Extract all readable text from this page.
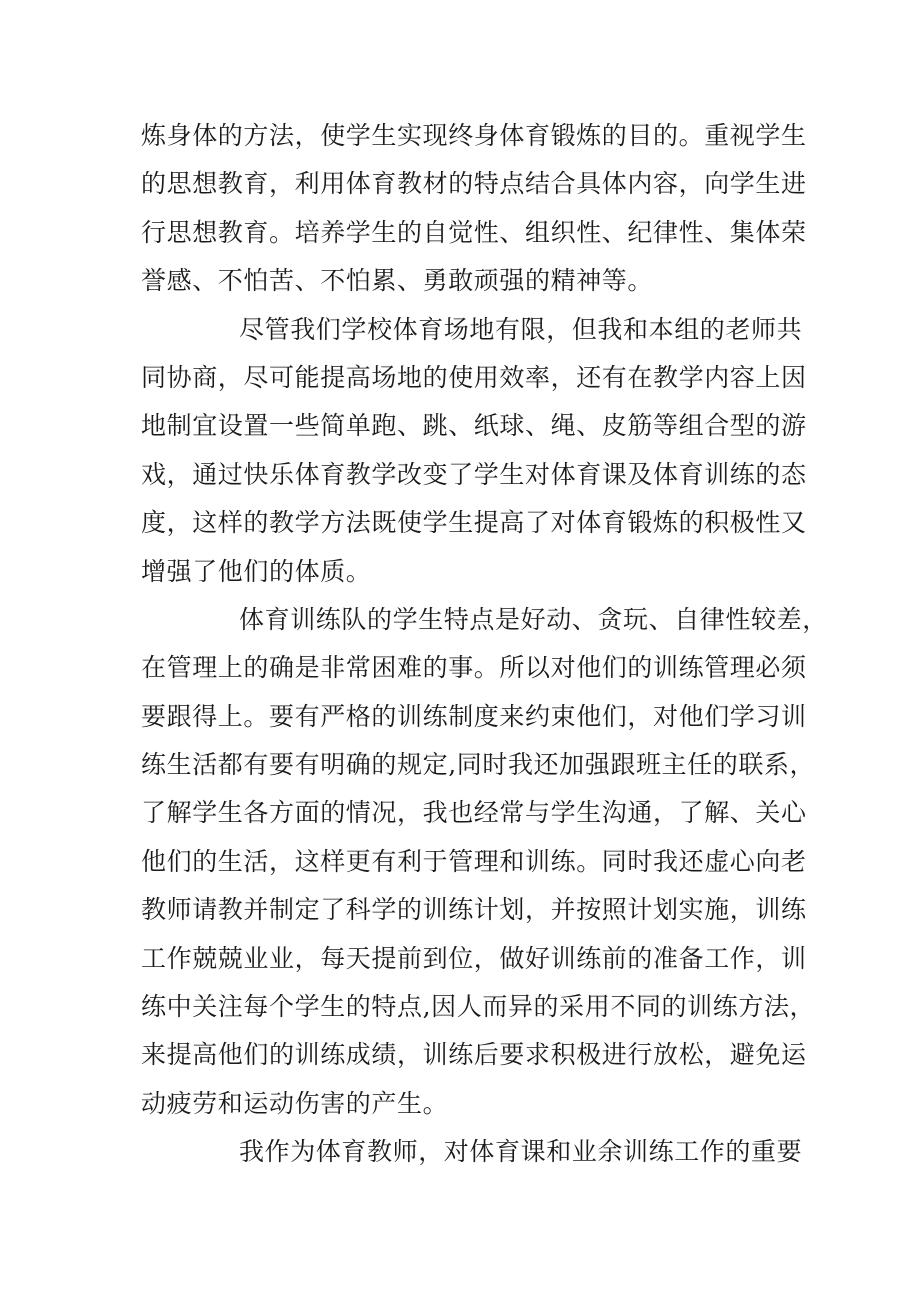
炼身体的方法，使学生实现终身体育锻炼的目的。重视学生
的思想教育，利用体育教材的特点结合具体内容，向学生进
行思想教育。培养学生的自觉性、组织性、纪律性、集体荣
誉感、不怕苦、不怕累、勇敢顽强的精神等。
尽管我们学校体育场地有限，但我和本组的老师共
同协商，尽可能提高场地的使用效率，还有在教学内容上因
地制宜设置一些简单跑、跳、纸球、绳、皮筋等组合型的游
戏，通过快乐体育教学改变了学生对体育课及体育训练的态
度，这样的教学方法既使学生提高了对体育锻炼的积极性又
增强了他们的体质。
体育训练队的学生特点是好动、贪玩、自律性较差，
在管理上的确是非常困难的事。所以对他们的训练管理必须
要跟得上。要有严格的训练制度来约束他们，对他们学习训
练生活都有要有明确的规定,同时我还加强跟班主任的联系，
了解学生各方面的情况，我也经常与学生沟通，了解、关心
他们的生活，这样更有利于管理和训练。同时我还虚心向老
教师请教并制定了科学的训练计划，并按照计划实施，训练
工作兢兢业业，每天提前到位，做好训练前的准备工作，训
练中关注每个学生的特点,因人而异的采用不同的训练方法，
来提高他们的训练成绩，训练后要求积极进行放松，避免运
动疲劳和运动伤害的产生。
我作为体育教师，对体育课和业余训练工作的重要
